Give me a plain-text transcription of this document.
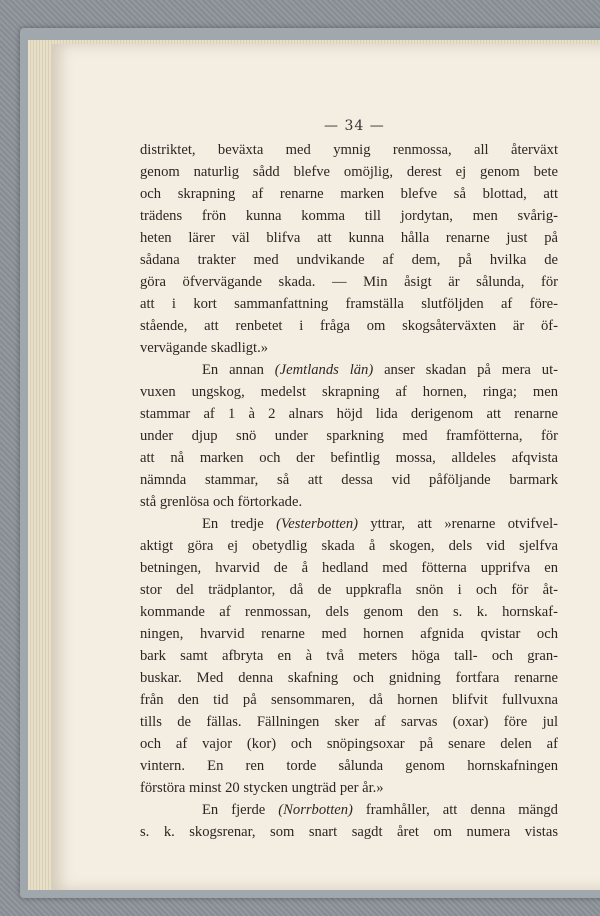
— 34 —
distriktet, beväxta med ymnig renmossa, all återväxt
genom naturlig sådd blefve omöjlig, derest ej genom bete
och skrapning af renarne marken blefve så blottad, att
trädens frön kunna komma till jordytan, men svårig-
heten lärer väl blifva att kunna hålla renarne just på
sådana trakter med undvikande af dem, på hvilka de
göra öfvervägande skada. — Min åsigt är sålunda, för
att i kort sammanfattning framställa slutföljden af före-
stående, att renbetet i fråga om skogsåterväxten är öf-
vervägande skadligt.»
En annan (Jemtlands län) anser skadan på mera ut-
vuxen ungskog, medelst skrapning af hornen, ringa; men
stammar af 1 à 2 alnars höjd lida derigenom att renarne
under djup snö under sparkning med framfötterna, för
att nå marken och der befintlig mossa, alldeles afqvista
nämnda stammar, så att dessa vid påföljande barmark
stå grenlösa och förtorkade.
En tredje (Vesterbotten) yttrar, att »renarne otvifvel-
aktigt göra ej obetydlig skada å skogen, dels vid sjelfva
betningen, hvarvid de å hedland med fötterna upprifva en
stor del trädplantor, då de uppkrafla snön i och för åt-
kommande af renmossan, dels genom den s. k. hornskaf-
ningen, hvarvid renarne med hornen afgnida qvistar och
bark samt afbryta en à två meters höga tall- och gran-
buskar. Med denna skafning och gnidning fortfara renarne
från den tid på sensommaren, då hornen blifvit fullvuxna
tills de fällas. Fällningen sker af sarvas (oxar) före jul
och af vajor (kor) och snöpingsoxar på senare delen af
vintern. En ren torde sålunda genom hornskafningen
förstöra minst 20 stycken ungträd per år.»
En fjerde (Norrbotten) framhåller, att denna mängd
s. k. skogsrenar, som snart sagdt året om numera vistas
